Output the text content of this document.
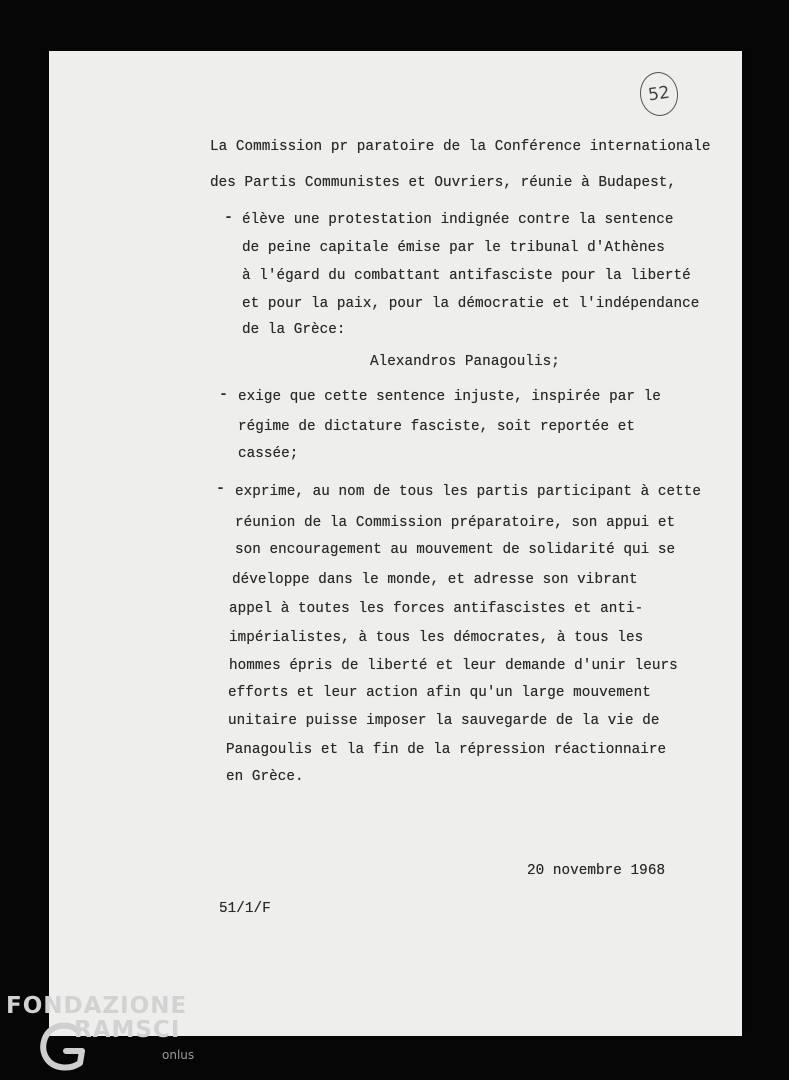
52
La Commission pr paratoire de la Conférence internationale
des Partis Communistes et Ouvriers, réunie à Budapest,
- élève une protestation indignée contre la sentence
de peine capitale émise par le tribunal d'Athènes
à l'égard du combattant antifasciste pour la liberté
et pour la paix, pour la démocratie et l'indépendance
de la Grèce:
Alexandros Panagoulis;
- exige que cette sentence injuste, inspirée par le
régime de dictature fasciste, soit reportée et
cassée;
- exprime, au nom de tous les partis participant à cette
réunion de la Commission préparatoire, son appui et
son encouragement au mouvement de solidarité qui se
développe dans le monde, et adresse son vibrant
appel à toutes les forces antifascistes et anti-
impérialistes, à tous les démocrates, à tous les
hommes épris de liberté et leur demande d'unir leurs
efforts et leur action afin qu'un large mouvement
unitaire puisse imposer la sauvegarde de la vie de
Panagoulis et la fin de la répression réactionnaire
en Grèce.
20 novembre 1968
51/1/F
FONDAZIONE
RAMSCI
onlus
